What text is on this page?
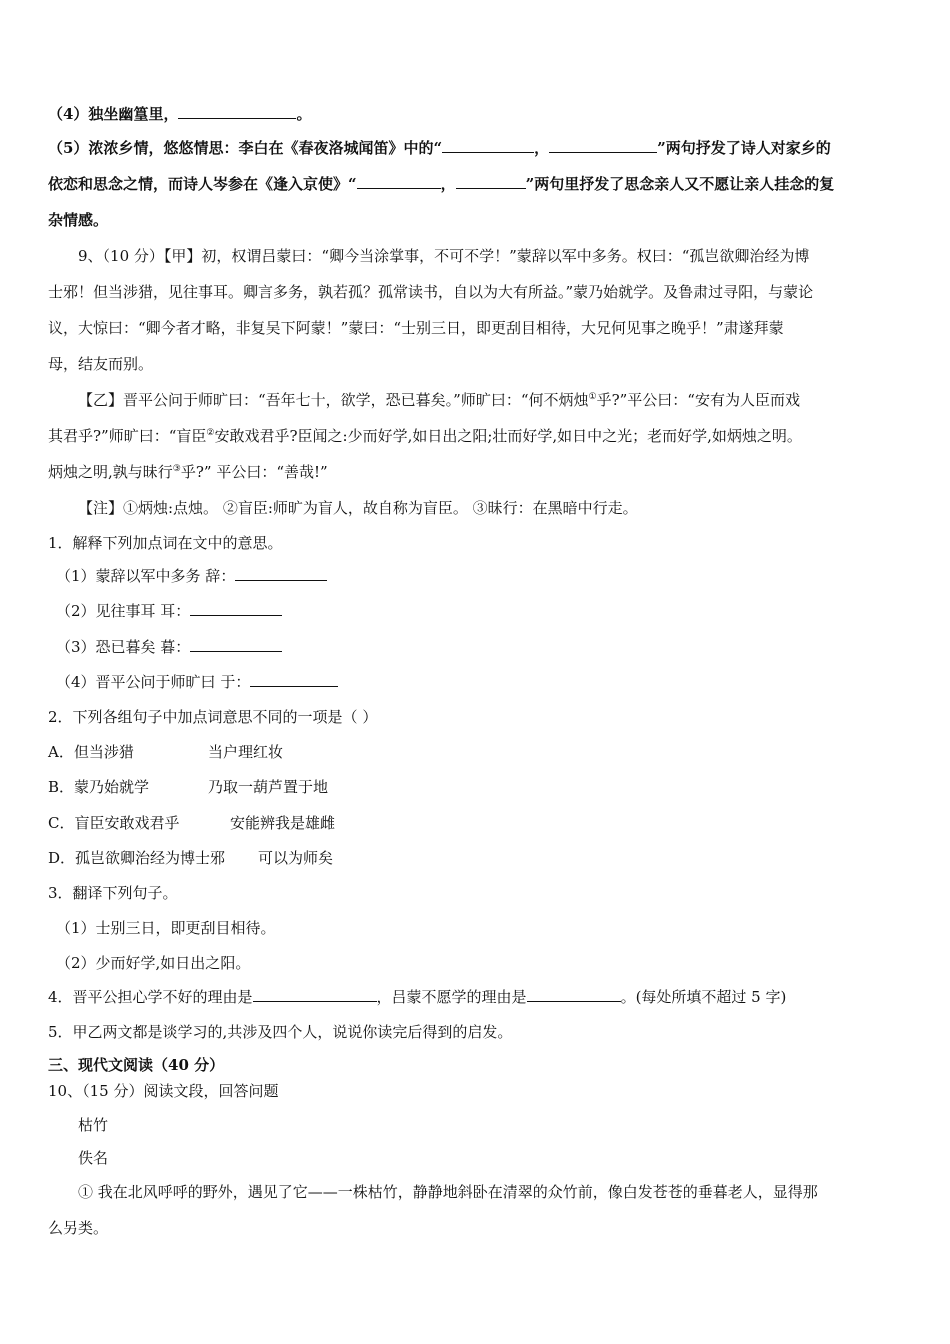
（4）独坐幽篁里，	。
（5）浓浓乡情，悠悠情思：李白在《春夜洛城闻笛》中的“	，	”两句抒发了诗人对家乡的
依恋和思念之情，而诗人岑参在《逢入京使》“	，	”两句里抒发了思念亲人又不愿让亲人挂念的复
杂情感。
9、（10 分）【甲】初，权谓吕蒙曰：“卿今当涂掌事，不可不学！”蒙辞以军中多务。权曰：“孤岂欲卿治经为博
士邪！但当涉猎，见往事耳。卿言多务，孰若孤？孤常读书，自以为大有所益。”蒙乃始就学。及鲁肃过寻阳，与蒙论
议，大惊曰：“卿今者才略，非复吴下阿蒙！”蒙曰：“士别三日，即更刮目相待，大兄何见事之晚乎！”肃遂拜蒙
母，结友而别。
【乙】晋平公问于师旷曰：“吾年七十，欲学，恐已暮矣。”师旷曰：“何不炳烛①乎?”平公曰：“安有为人臣而戏
其君乎?”师旷曰：“盲臣②安敢戏君乎?臣闻之:少而好学,如日出之阳;壮而好学,如日中之光；老而好学,如炳烛之明。
炳烛之明,孰与昧行③乎?” 平公曰：“善哉!”
【注】①炳烛:点烛。 ②盲臣:师旷为盲人，故自称为盲臣。 ③昧行：在黑暗中行走。
1．解释下列加点词在文中的意思。
（1）蒙辞以军中多务 辞：
（2）见往事耳 耳：
（3）恐已暮矣 暮：
（4）晋平公问于师旷曰 于：
2．下列各组句子中加点词意思不同的一项是（ ）
A．但当涉猎	当户理红妆
B．蒙乃始就学	乃取一葫芦置于地
C．盲臣安敢戏君乎	安能辨我是雄雌
D．孤岂欲卿治经为博士邪 可以为师矣
3．翻译下列句子。
（1）士别三日，即更刮目相待。
（2）少而好学,如日出之阳。
4．晋平公担心学不好的理由是	，吕蒙不愿学的理由是	。(每处所填不超过 5 字)
5．甲乙两文都是谈学习的,共涉及四个人，说说你读完后得到的启发。
三、现代文阅读（40 分）
10、（15 分）阅读文段，回答问题
枯竹
佚名
① 我在北风呼呼的野外，遇见了它——一株枯竹，静静地斜卧在清翠的众竹前，像白发苍苍的垂暮老人，显得那
么另类。
